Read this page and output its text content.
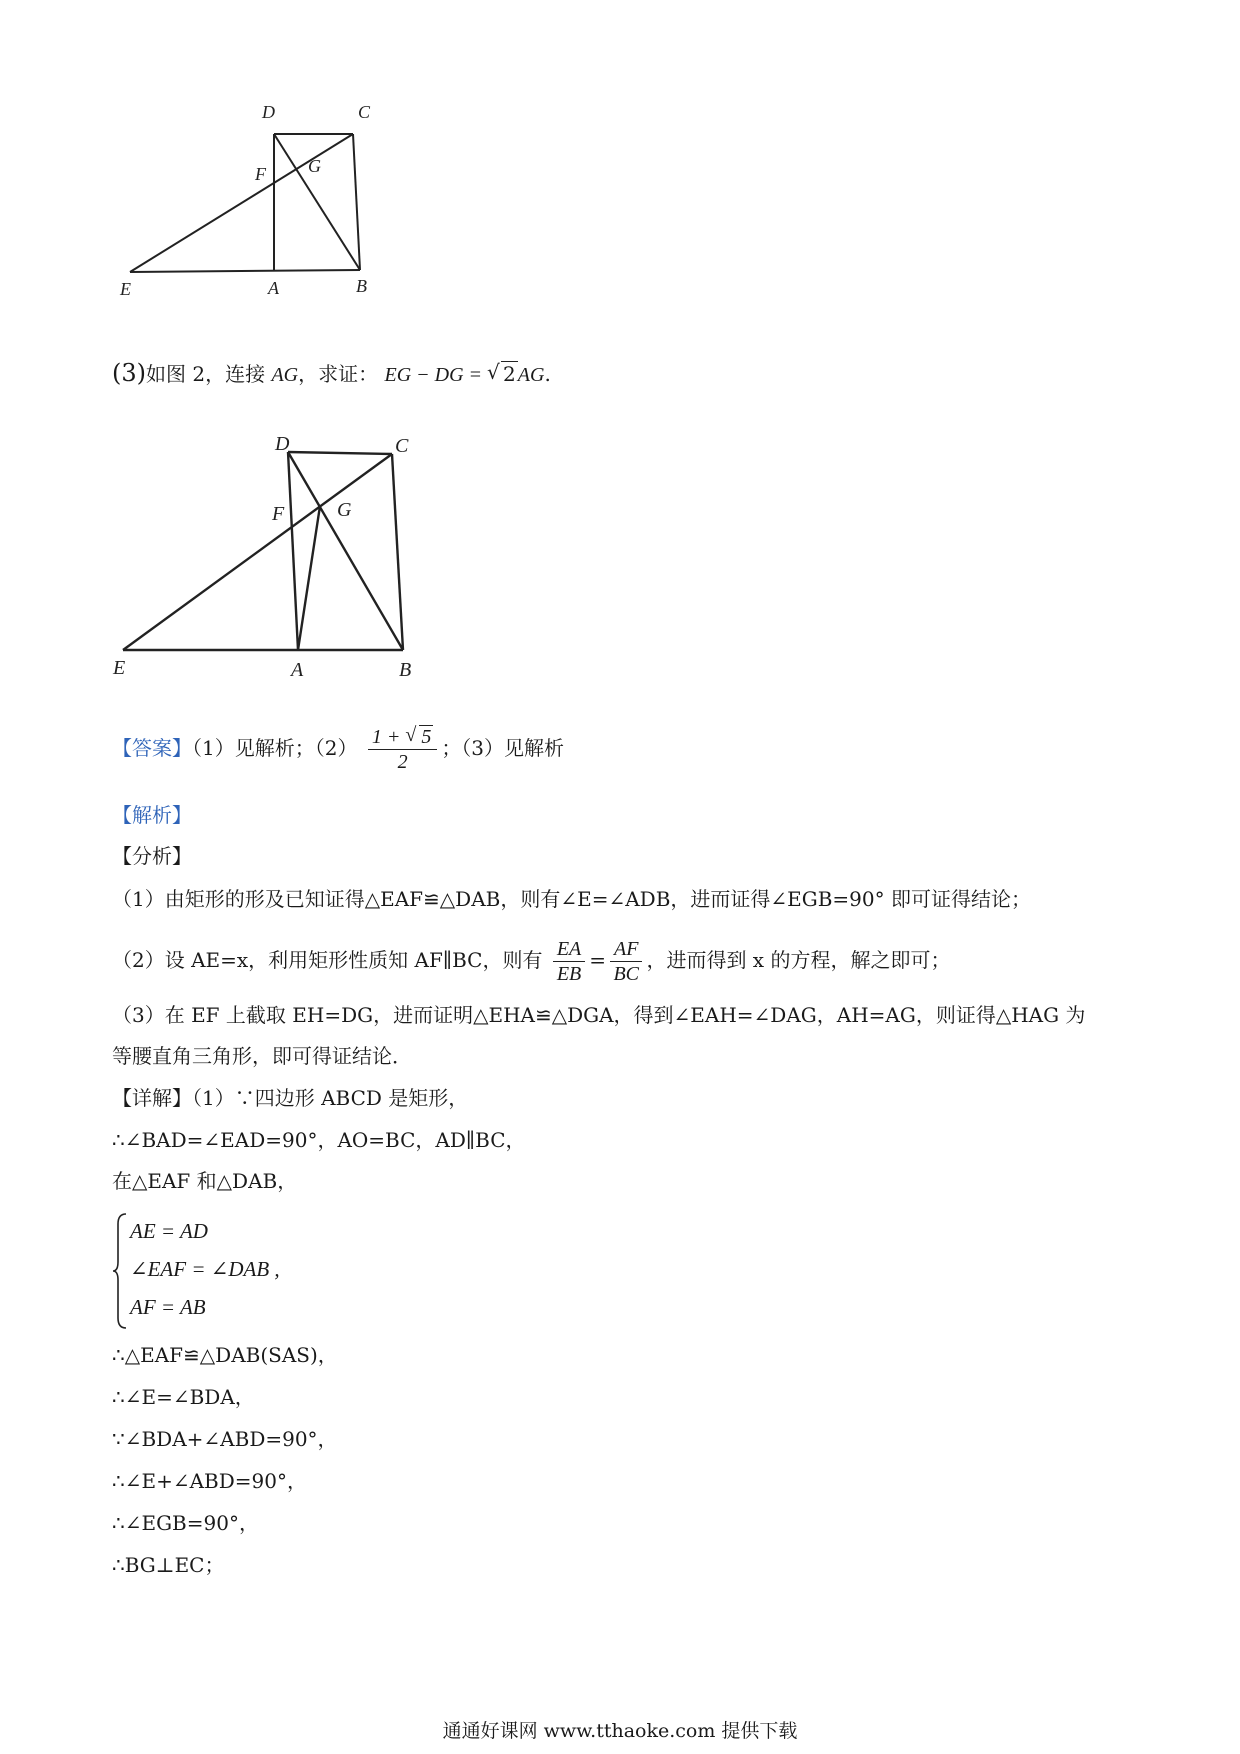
D	C
F G
E	A	B
(3)如图 2，连接 AG，求证： EG − DG = √ 2 AG.
D	C
F	G
E	A	B
【答案】（1）见解析；$(2) \frac{1 + √ 5}{2}$ ；（3）见解析
【解析】
【分析】
（1）由矩形的形及已知证得△EAF≌△DAB，则有∠E=∠ADB，进而证得∠EGB=90° 即可证得结论；
（2）设 AE=x，利用矩形性质知 AF∥BC，则有 $\frac{EA}{EB} = \frac{AF}{BC}$ ，进而得到 x 的方程，解之即可；
（3）在 EF 上截取 EH=DG，进而证明△EHA≌△DGA，得到∠EAH=∠DAG，AH=AG，则证得△HAG 为
等腰直角三角形，即可得证结论．
【详解】（1）∵四边形 ABCD 是矩形，
∴∠BAD=∠EAD=90°，AO=BC，AD∥BC，
在△EAF 和△DAB，
AE = AD
∠EAF = ∠DAB ,
AF = AB
∴△EAF≌△DAB(SAS)，
∴∠E=∠BDA，
∵∠BDA+∠ABD=90°，
∴∠E+∠ABD=90°，
∴∠EGB=90°，
∴BG⊥EC；
通通好课网 www.tthaoke.com 提供下载
